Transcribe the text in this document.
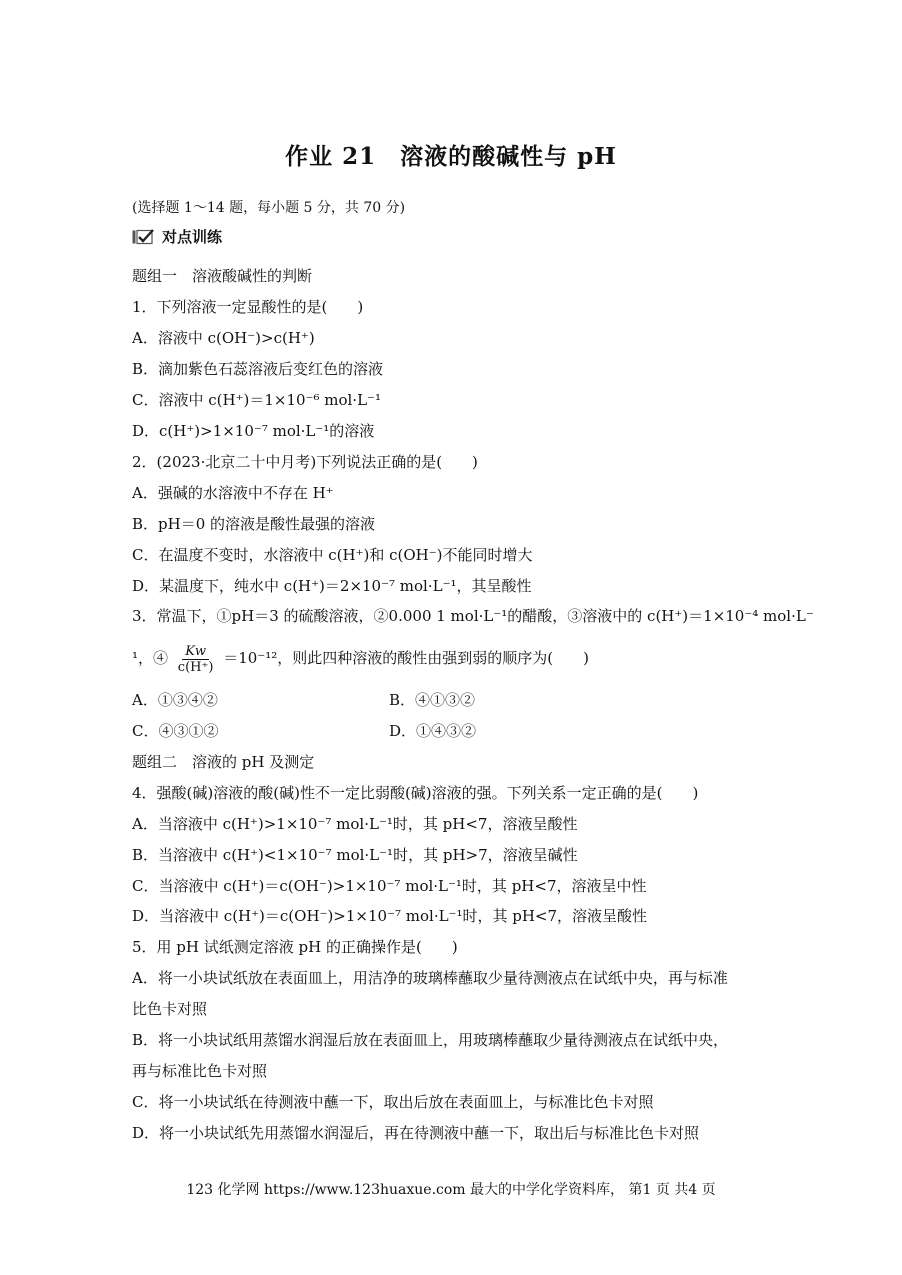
作业 21　溶液的酸碱性与 pH
(选择题 1～14 题，每小题 5 分，共 70 分)
对点训练
题组一　溶液酸碱性的判断
1．下列溶液一定显酸性的是(　　)
A．溶液中 c(OH⁻)>c(H⁺)
B．滴加紫色石蕊溶液后变红色的溶液
C．溶液中 c(H⁺)＝1×10⁻⁶ mol·L⁻¹
D．c(H⁺)>1×10⁻⁷ mol·L⁻¹的溶液
2．(2023·北京二十中月考)下列说法正确的是(　　)
A．强碱的水溶液中不存在 H⁺
B．pH＝0 的溶液是酸性最强的溶液
C．在温度不变时，水溶液中 c(H⁺)和 c(OH⁻)不能同时增大
D．某温度下，纯水中 c(H⁺)＝2×10⁻⁷ mol·L⁻¹，其呈酸性
3．常温下，①pH＝3 的硫酸溶液，②0.000 1 mol·L⁻¹的醋酸，③溶液中的 c(H⁺)＝1×10⁻⁴ mol·L⁻
¹，④ $\frac{Kw}{c(H^+)} =10^{-12}$，则此四种溶液的酸性由强到弱的顺序为(　　)
A．①③④②	B．④①③②
C．④③①②	D．①④③②
题组二　溶液的 pH 及测定
4．强酸(碱)溶液的酸(碱)性不一定比弱酸(碱)溶液的强。下列关系一定正确的是(　　)
A．当溶液中 c(H⁺)>1×10⁻⁷ mol·L⁻¹时，其 pH<7，溶液呈酸性
B．当溶液中 c(H⁺)<1×10⁻⁷ mol·L⁻¹时，其 pH>7，溶液呈碱性
C．当溶液中 c(H⁺)＝c(OH⁻)>1×10⁻⁷ mol·L⁻¹时，其 pH<7，溶液呈中性
D．当溶液中 c(H⁺)＝c(OH⁻)>1×10⁻⁷ mol·L⁻¹时，其 pH<7，溶液呈酸性
5．用 pH 试纸测定溶液 pH 的正确操作是(　　)
A．将一小块试纸放在表面皿上，用洁净的玻璃棒蘸取少量待测液点在试纸中央，再与标准
比色卡对照
B．将一小块试纸用蒸馏水润湿后放在表面皿上，用玻璃棒蘸取少量待测液点在试纸中央，
再与标准比色卡对照
C．将一小块试纸在待测液中蘸一下，取出后放在表面皿上，与标准比色卡对照
D．将一小块试纸先用蒸馏水润湿后，再在待测液中蘸一下，取出后与标准比色卡对照
123 化学网 https://www.123huaxue.com 最大的中学化学资料库， 第1 页 共4 页
